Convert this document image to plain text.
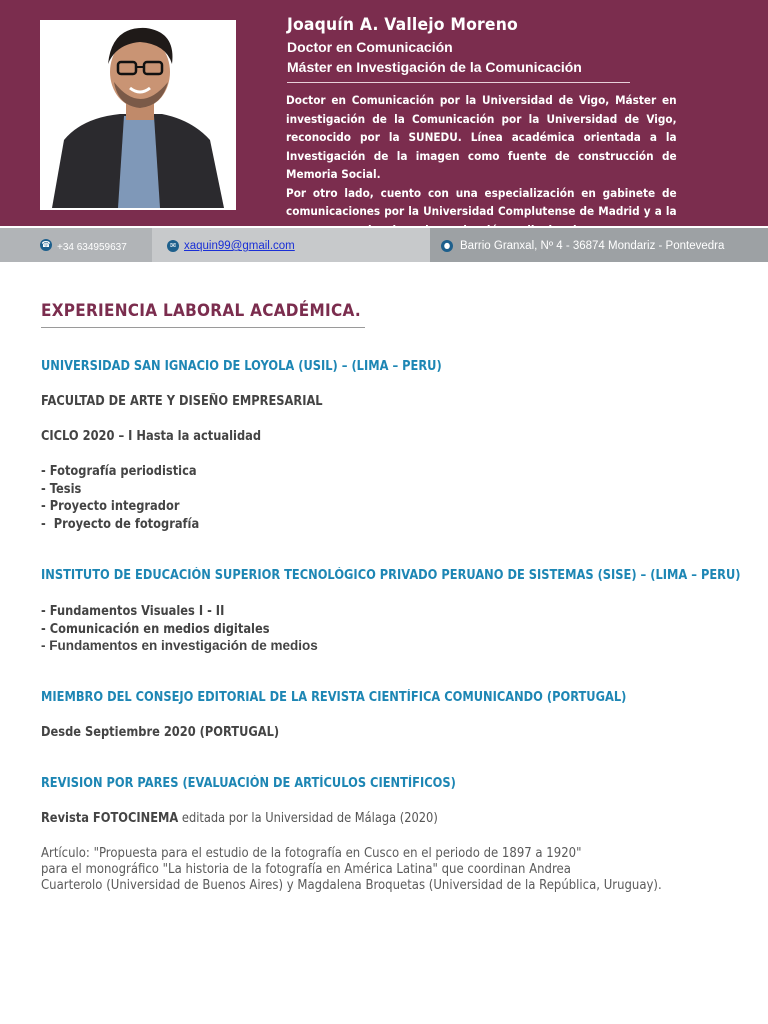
Joaquín A. Vallejo Moreno
Doctor en Comunicación
Máster en Investigación de la Comunicación

Doctor en Comunicación por la Universidad de Vigo, Máster en investigación de la Comunicación por la Universidad de Vigo, reconocido por la SUNEDU. Línea académica orientada a la Investigación de la imagen como fuente de construcción de Memoria Social.

Por otro lado, cuento con una especialización en gabinete de comunicaciones por la Universidad Complutense de Madrid y a la

☎ +34 634959637	✉ xaquin99@gmail.com	● Barrio Granxal, Nº 4 - 36874 Mondariz - Pontevedra
EXPERIENCIA LABORAL ACADÉMICA.
UNIVERSIDAD SAN IGNACIO DE LOYOLA (USIL) – (LIMA – PERU)
FACULTAD DE ARTE Y DISEÑO EMPRESARIAL
CICLO 2020 – I Hasta la actualidad
- Fotografía periodistica
- Tesis
- Proyecto integrador
-  Proyecto de fotografía
INSTITUTO DE EDUCACIÓN SUPERIOR TECNOLÓGICO PRIVADO PERUANO DE SISTEMAS (SISE) – (LIMA – PERU)
- Fundamentos Visuales I - II
- Comunicación en medios digitales
- Fundamentos en investigación de medios
MIEMBRO DEL CONSEJO EDITORIAL DE LA REVISTA CIENTÍFICA COMUNICANDO (PORTUGAL)
Desde Septiembre 2020 (PORTUGAL)
REVISION POR PARES (EVALUACIÓN DE ARTÍCULOS CIENTÍFICOS)
Revista FOTOCINEMA editada por la Universidad de Málaga (2020)
Artículo: "Propuesta para el estudio de la fotografía en Cusco en el periodo de 1897 a 1920"
para el monográfico "La historia de la fotografía en América Latina" que coordinan Andrea
Cuarterolo (Universidad de Buenos Aires) y Magdalena Broquetas (Universidad de la República, Uruguay).
